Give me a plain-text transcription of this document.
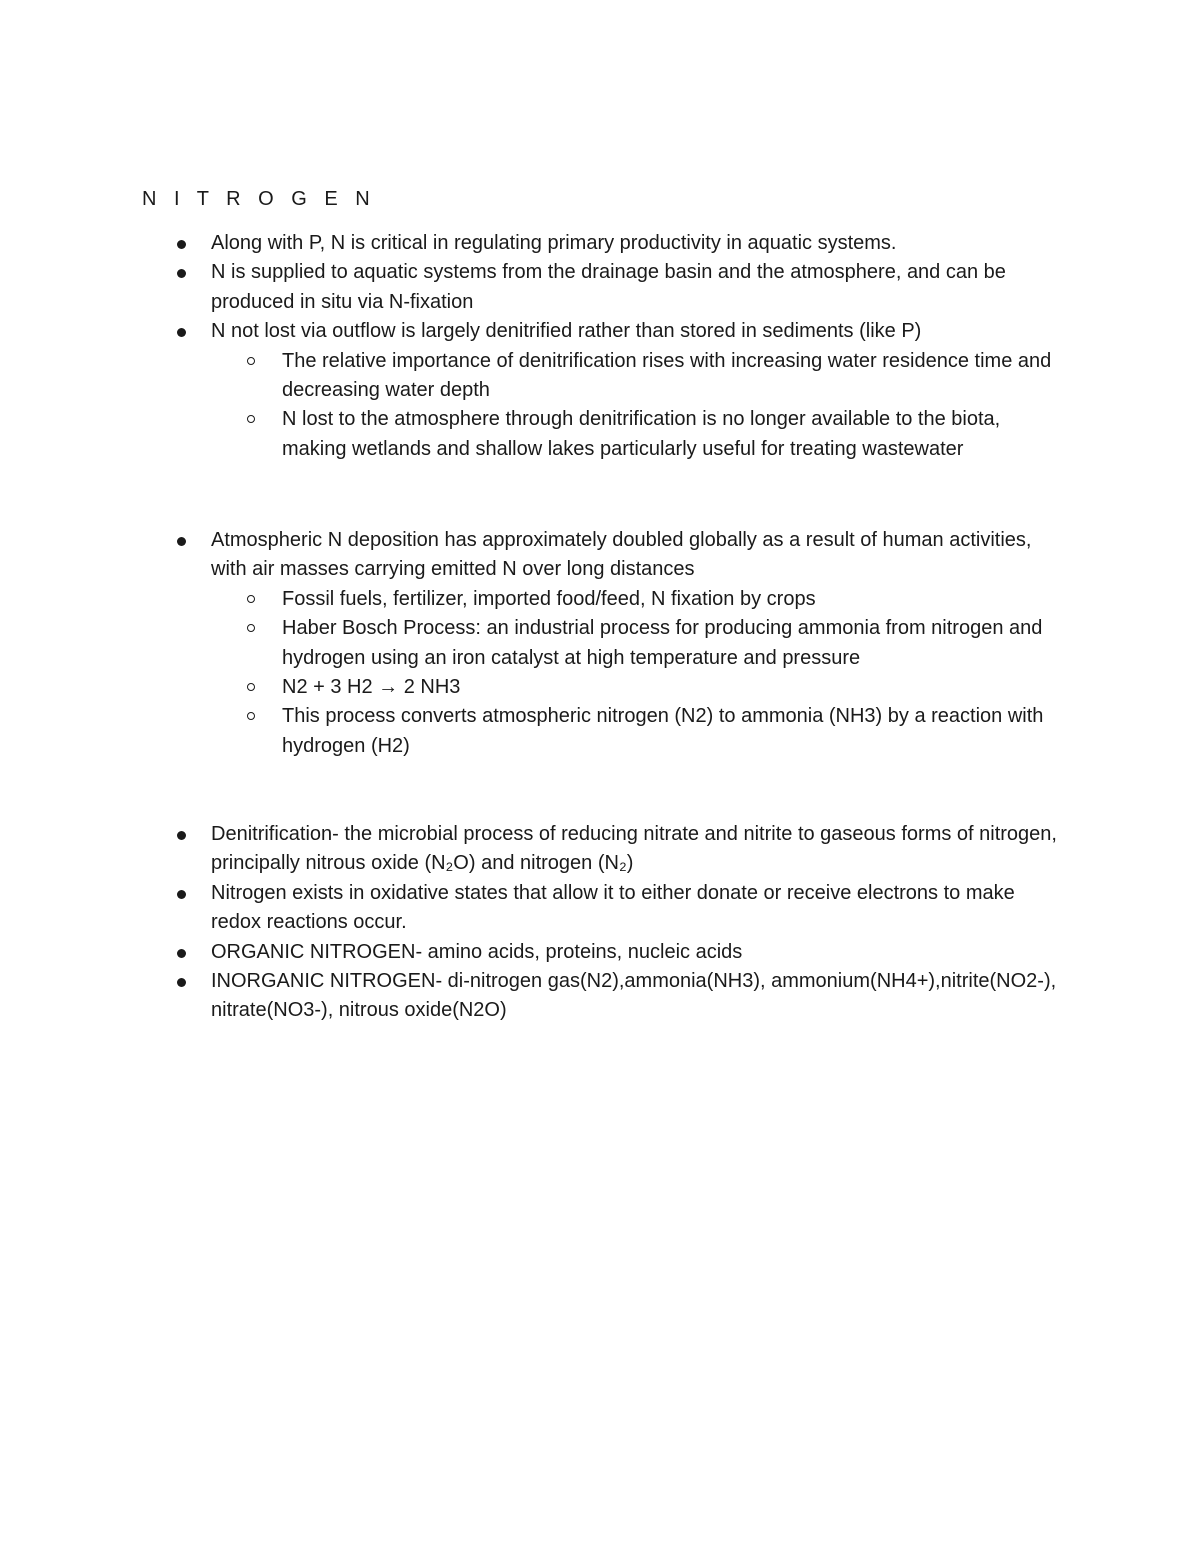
N I T R O G E N
Along with P, N is critical in regulating primary productivity in aquatic systems.
N is supplied to aquatic systems from the drainage basin and the atmosphere, and can be produced in situ via N-fixation
N not lost via outflow is largely denitrified rather than stored in sediments (like P)
The relative importance of denitrification rises with increasing water residence time and decreasing water depth
N lost to the atmosphere through denitrification is no longer available to the biota, making wetlands and shallow lakes particularly useful for treating wastewater
Atmospheric N deposition has approximately doubled globally as a result of human activities, with air masses carrying emitted N over long distances
Fossil fuels, fertilizer, imported food/feed, N fixation by crops
Haber Bosch Process: an industrial process for producing ammonia from nitrogen and hydrogen using an iron catalyst at high temperature and pressure
N2 + 3 H2 → 2 NH3
This process converts atmospheric nitrogen (N2) to ammonia (NH3) by a reaction with hydrogen (H2)
Denitrification- the microbial process of reducing nitrate and nitrite to gaseous forms of nitrogen, principally nitrous oxide (N₂O) and nitrogen (N₂)
Nitrogen exists in oxidative states that allow it to either donate or receive electrons to make redox reactions occur.
ORGANIC NITROGEN- amino acids, proteins, nucleic acids
INORGANIC NITROGEN- di-nitrogen gas(N2),ammonia(NH3), ammonium(NH4+),nitrite(NO2-), nitrate(NO3-), nitrous oxide(N2O)
